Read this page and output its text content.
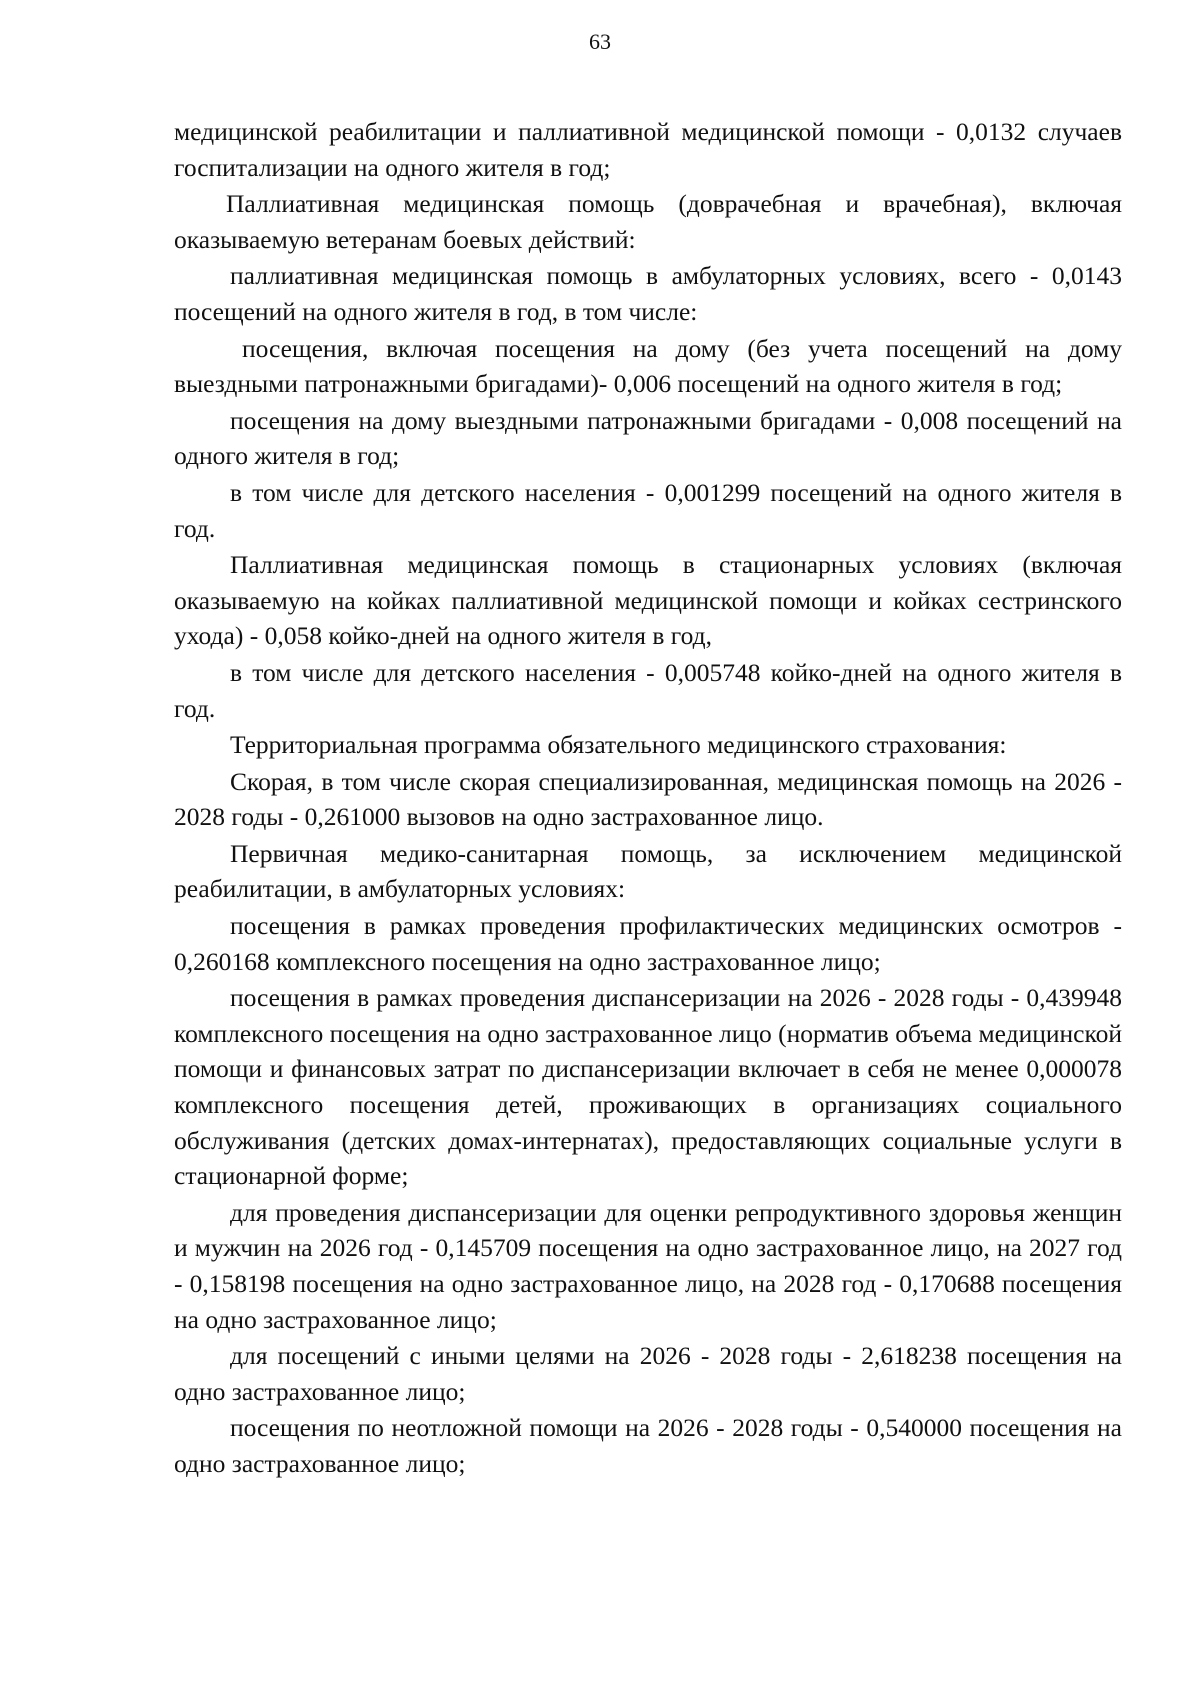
63

медицинской реабилитации и паллиативной медицинской помощи - 0,0132 случаев госпитализации на одного жителя в год;

Паллиативная медицинская помощь (доврачебная и врачебная), включая оказываемую ветеранам боевых действий:

паллиативная медицинская помощь в амбулаторных условиях, всего - 0,0143 посещений на одного жителя в год, в том числе:

посещения, включая посещения на дому (без учета посещений на дому выездными патронажными бригадами)- 0,006 посещений на одного жителя в год;

посещения на дому выездными патронажными бригадами - 0,008 посещений на одного жителя в год;

в том числе для детского населения - 0,001299 посещений на одного жителя в год.

Паллиативная медицинская помощь в стационарных условиях (включая оказываемую на койках паллиативной медицинской помощи и койках сестринского ухода) - 0,058 койко-дней на одного жителя в год,

в том числе для детского населения - 0,005748 койко-дней на одного жителя в год.

Территориальная программа обязательного медицинского страхования:

Скорая, в том числе скорая специализированная, медицинская помощь на 2026 - 2028 годы - 0,261000 вызовов на одно застрахованное лицо.

Первичная медико-санитарная помощь, за исключением медицинской реабилитации, в амбулаторных условиях:

посещения в рамках проведения профилактических медицинских осмотров - 0,260168 комплексного посещения на одно застрахованное лицо;

посещения в рамках проведения диспансеризации на 2026 - 2028 годы - 0,439948 комплексного посещения на одно застрахованное лицо (норматив объема медицинской помощи и финансовых затрат по диспансеризации включает в себя не менее 0,000078 комплексного посещения детей, проживающих в организациях социального обслуживания (детских домах-интернатах), предоставляющих социальные услуги в стационарной форме;

для проведения диспансеризации для оценки репродуктивного здоровья женщин и мужчин на 2026 год - 0,145709 посещения на одно застрахованное лицо, на 2027 год - 0,158198 посещения на одно застрахованное лицо, на 2028 год - 0,170688 посещения на одно застрахованное лицо;

для посещений с иными целями на 2026 - 2028 годы - 2,618238 посещения на одно застрахованное лицо;

посещения по неотложной помощи на 2026 - 2028 годы - 0,540000 посещения на одно застрахованное лицо;
